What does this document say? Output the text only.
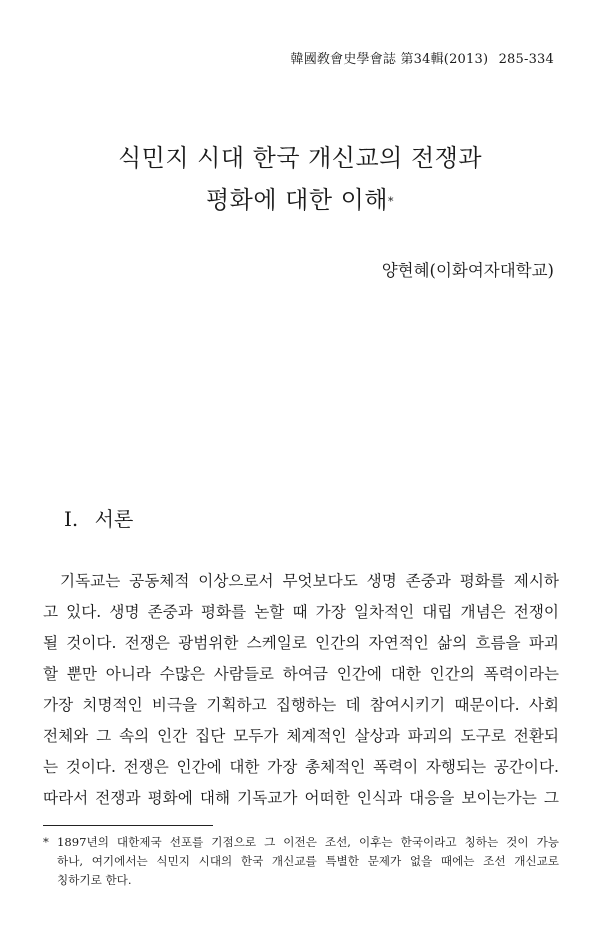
韓國敎會史學會誌 第34輯(2013) 285-334
식민지 시대 한국 개신교의 전쟁과
평화에 대한 이해*
양현혜(이화여자대학교)
Ⅰ. 서론
기독교는 공동체적 이상으로서 무엇보다도 생명 존중과 평화를 제시하
고 있다. 생명 존중과 평화를 논할 때 가장 일차적인 대립 개념은 전쟁이
될 것이다. 전쟁은 광범위한 스케일로 인간의 자연적인 삶의 흐름을 파괴
할 뿐만 아니라 수많은 사람들로 하여금 인간에 대한 인간의 폭력이라는
가장 치명적인 비극을 기획하고 집행하는 데 참여시키기 때문이다. 사회
전체와 그 속의 인간 집단 모두가 체계적인 살상과 파괴의 도구로 전환되
는 것이다. 전쟁은 인간에 대한 가장 총체적인 폭력이 자행되는 공간이다.
따라서 전쟁과 평화에 대해 기독교가 어떠한 인식과 대응을 보이는가는 그
* 1897년의 대한제국 선포를 기점으로 그 이전은 조선, 이후는 한국이라고 칭하는 것이 가능
하나, 여기에서는 식민지 시대의 한국 개신교를 특별한 문제가 없을 때에는 조선 개신교로
칭하기로 한다.
